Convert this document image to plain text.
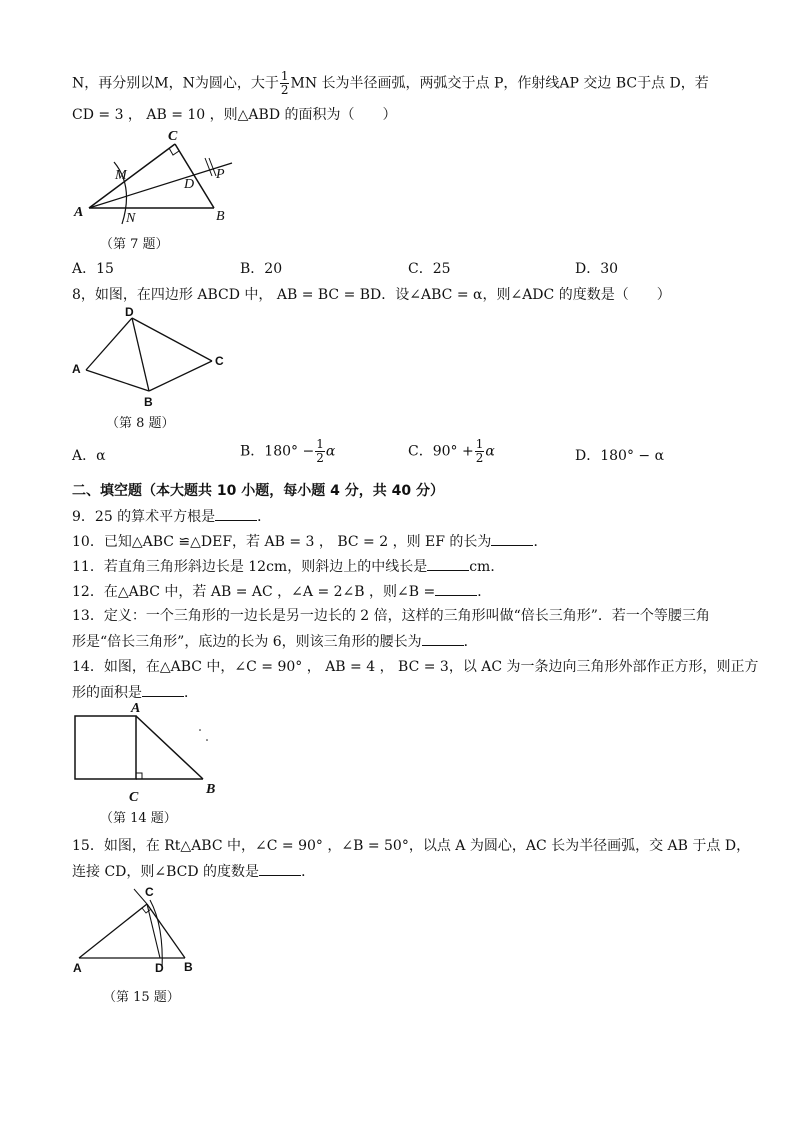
N，再分别以M，N为圆心，大于 $\frac{1}{2}$ MN 长为半径画弧，两弧交于点 P，作射线AP 交边 BC于点 D，若
CD = 3 ， AB = 10 ，则△ABD 的面积为（　　）
C
M
D
P
A	N	B
（第 7 题）
A．15	B．20	C．25	D．30
8，如图，在四边形 ABCD 中， AB = BC = BD．设∠ABC = α，则∠ADC 的度数是（　　）
D
A
C
B
（第 8 题）
A．α	B．$180^\circ - \frac{1}{2}$ α	C．$90^\circ + \frac{1}{2}$ α	D．180° − α
二、填空题（本大题共 10 小题，每小题 4 分，共 40 分）
9．25 的算术平方根是	．
10．已知△ABC ≌△DEF，若 AB = 3 ， BC = 2 ，则 EF 的长为	．
11．若直角三角形斜边长是 12cm，则斜边上的中线长是	cm．
12．在△ABC 中，若 AB = AC ，∠A = 2∠B ，则∠B =	．
13．定义：一个三角形的一边长是另一边长的 2 倍，这样的三角形叫做“倍长三角形”．若一个等腰三角
形是“倍长三角形”，底边的长为 6，则该三角形的腰长为	．
14．如图，在△ABC 中，∠C = 90° ， AB = 4 ， BC = 3，以 AC 为一条边向三角形外部作正方形，则正方
形的面积是	．
A
C
B
（第 14 题）
15．如图，在 Rt△ABC 中，∠C = 90° ，∠B = 50°，以点 A 为圆心，AC 长为半径画弧，交 AB 于点 D，
连接 CD，则∠BCD 的度数是	．
C
A	D B
（第 15 题）
